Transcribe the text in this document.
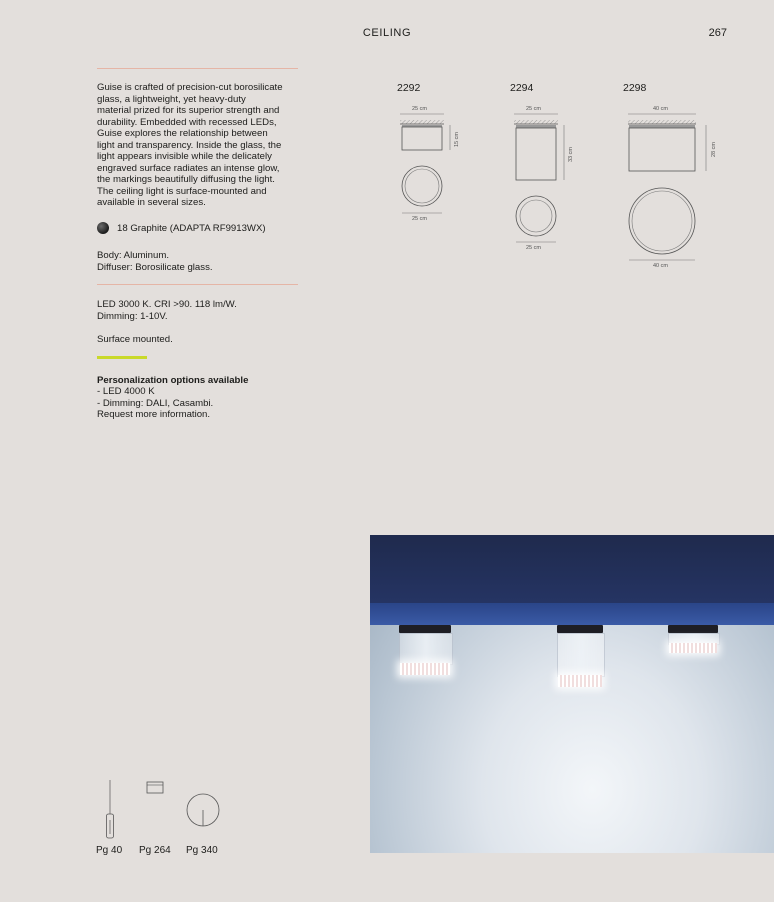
CEILING	267
Guise is crafted of precision-cut borosilicate
glass, a lightweight, yet heavy-duty
material prized for its superior strength and
durability. Embedded with recessed LEDs,
Guise explores the relationship between
light and transparency. Inside the glass, the
light appears invisible while the delicately
engraved surface radiates an intense glow,
the markings beautifully diffusing the light.
The ceiling light is surface-mounted and
available in several sizes.
18 Graphite (ADAPTA RF9913WX)
Body: Aluminum.
Diffuser: Borosilicate glass.
LED 3000 K. CRI >90. 118 lm/W.
Dimming: 1-10V.
Surface mounted.
Personalization options available
- LED 4000 K
- Dimming: DALI, Casambi.
Request more information.
2292	2294	2298
25 cm
15 cm
25 cm
25 cm
33 cm
25 cm
40 cm
28 cm
40 cm
Pg 40 Pg 264 Pg 340
